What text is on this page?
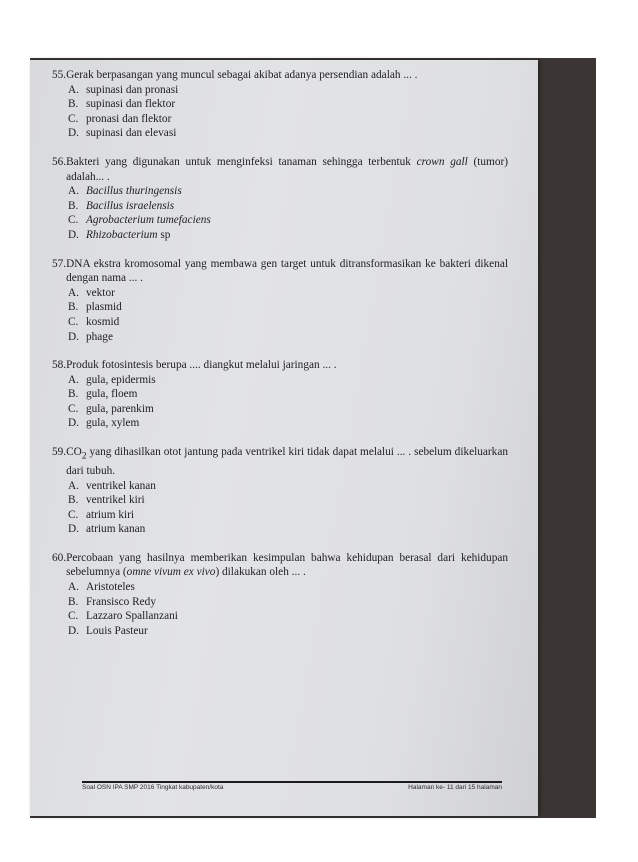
55. Gerak berpasangan yang muncul sebagai akibat adanya persendian adalah ... .
A. supinasi dan pronasi
B. supinasi dan flektor
C. pronasi dan flektor
D. supinasi dan elevasi
56. Bakteri yang digunakan untuk menginfeksi tanaman sehingga terbentuk crown gall (tumor) adalah... .
A. Bacillus thuringensis
B. Bacillus israelensis
C. Agrobacterium tumefaciens
D. Rhizobacterium sp
57. DNA ekstra kromosomal yang membawa gen target untuk ditransformasikan ke bakteri dikenal dengan nama ... .
A. vektor
B. plasmid
C. kosmid
D. phage
58. Produk fotosintesis berupa .... diangkut melalui jaringan ... .
A. gula, epidermis
B. gula, floem
C. gula, parenkim
D. gula, xylem
59. $CO_2$ yang dihasilkan otot jantung pada ventrikel kiri tidak dapat melalui ... . sebelum dikeluarkan dari tubuh.
A. ventrikel kanan
B. ventrikel kiri
C. atrium kiri
D. atrium kanan
60. Percobaan yang hasilnya memberikan kesimpulan bahwa kehidupan berasal dari kehidupan sebelumnya (omne vivum ex vivo) dilakukan oleh ... .
A. Aristoteles
B. Fransisco Redy
C. Lazzaro Spallanzani
D. Louis Pasteur
Soal OSN IPA SMP 2016 Tingkat kabupaten/kota	Halaman ke- 11 dari 15 halaman
